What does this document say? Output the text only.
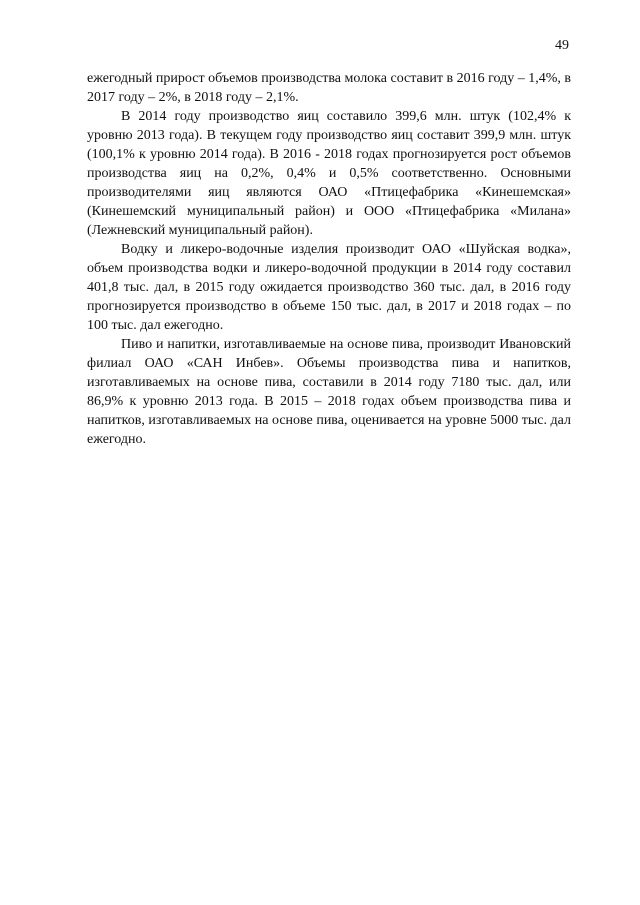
49

ежегодный прирост объемов производства молока составит в 2016 году – 1,4%, в 2017 году – 2%, в 2018 году – 2,1%.

В 2014 году производство яиц составило 399,6 млн. штук (102,4% к уровню 2013 года). В текущем году производство яиц составит 399,9 млн. штук (100,1% к уровню 2014 года). В 2016 - 2018 годах прогнозируется рост объемов производства яиц на 0,2%, 0,4% и 0,5% соответственно. Основными производителями яиц являются ОАО «Птицефабрика «Кинешемская» (Кинешемский муниципальный район) и ООО «Птицефабрика «Милана» (Лежневский муниципальный район).

Водку и ликеро-водочные изделия производит ОАО «Шуйская водка», объем производства водки и ликеро-водочной продукции в 2014 году составил 401,8 тыс. дал, в 2015 году ожидается производство 360 тыс. дал, в 2016 году прогнозируется производство в объеме 150 тыс. дал, в 2017 и 2018 годах – по 100 тыс. дал ежегодно.

Пиво и напитки, изготавливаемые на основе пива, производит Ивановский филиал ОАО «САН Инбев». Объемы производства пива и напитков, изготавливаемых на основе пива, составили в 2014 году 7180 тыс. дал, или 86,9% к уровню 2013 года. В 2015 – 2018 годах объем производства пива и напитков, изготавливаемых на основе пива, оценивается на уровне 5000 тыс. дал ежегодно.
